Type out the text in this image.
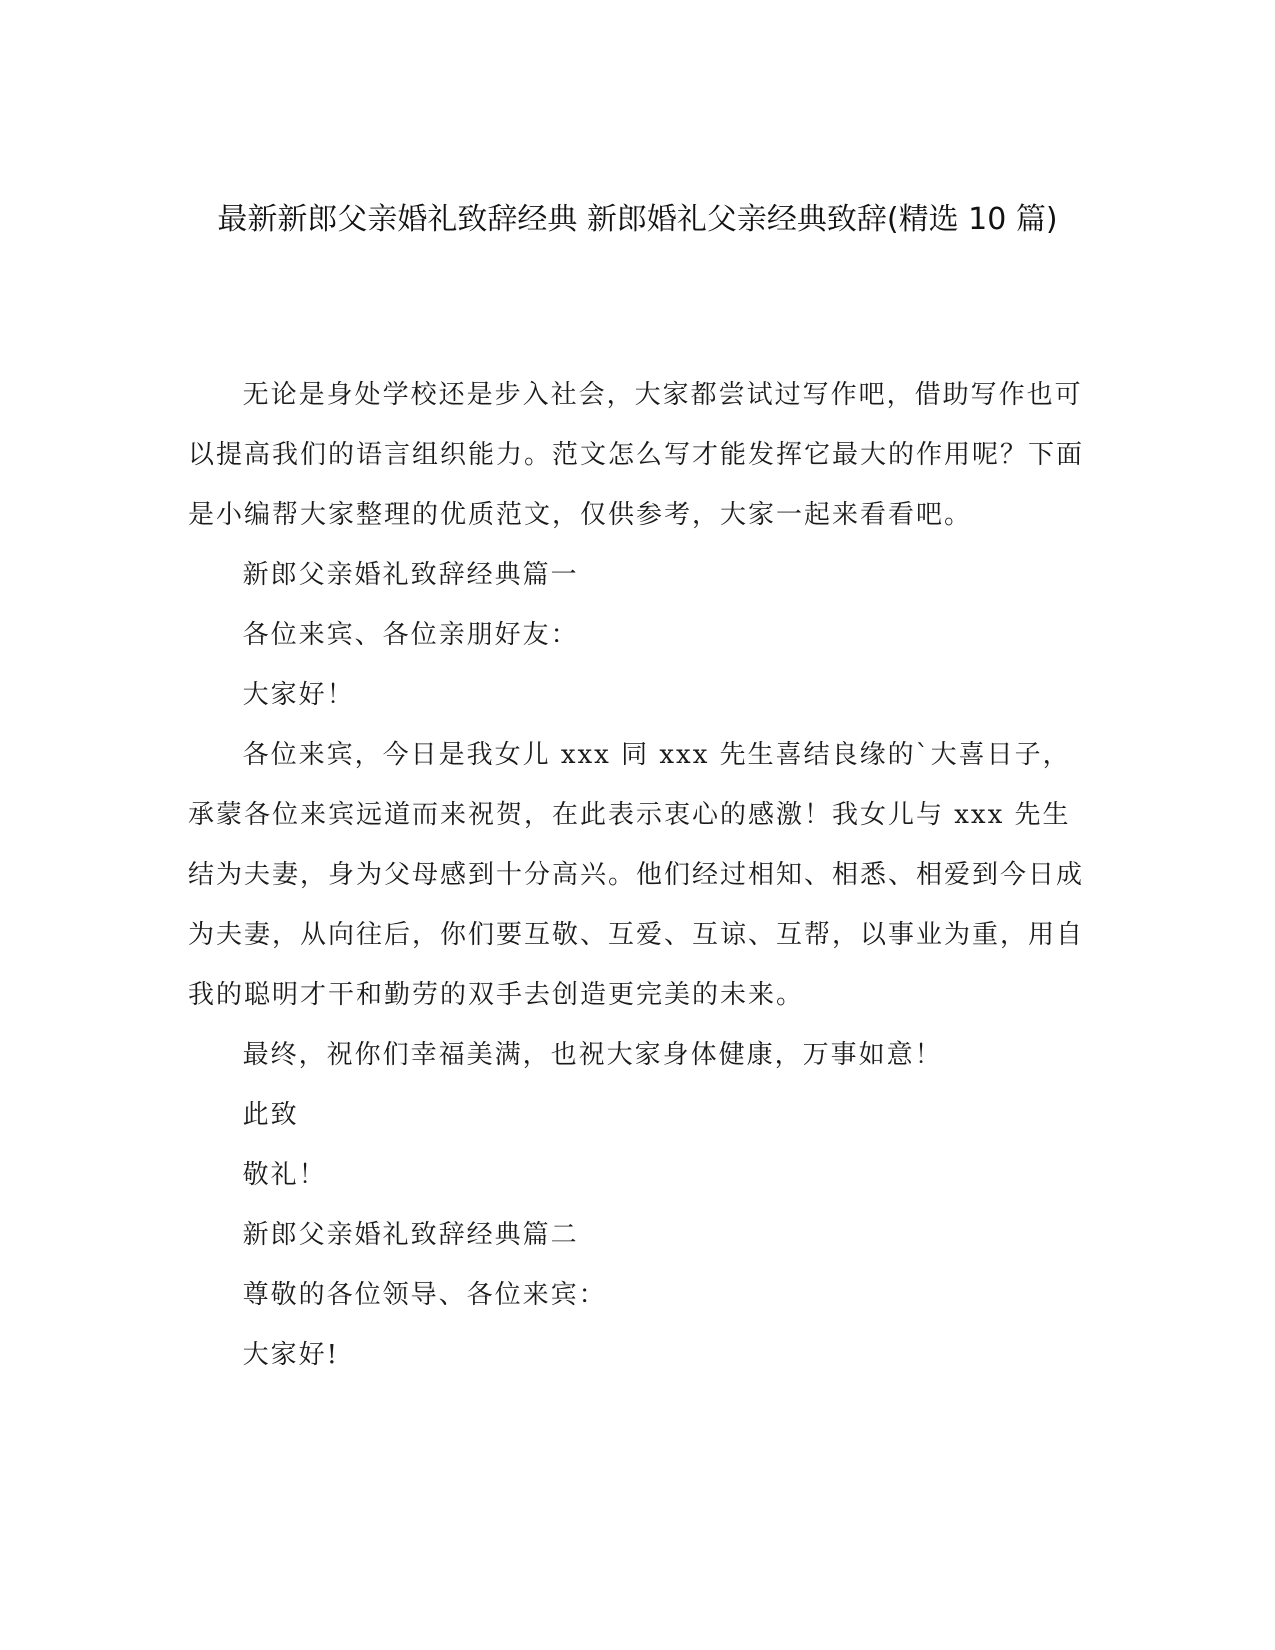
最新新郎父亲婚礼致辞经典 新郎婚礼父亲经典致辞(精选 10 篇)

无论是身处学校还是步入社会，大家都尝试过写作吧，借助写作也可以提高我们的语言组织能力。范文怎么写才能发挥它最大的作用呢？下面是小编帮大家整理的优质范文，仅供参考，大家一起来看看吧。

新郎父亲婚礼致辞经典篇一

各位来宾、各位亲朋好友：

大家好！

各位来宾，今日是我女儿 xxx 同 xxx 先生喜结良缘的`大喜日子，承蒙各位来宾远道而来祝贺，在此表示衷心的感激！我女儿与 xxx 先生结为夫妻，身为父母感到十分高兴。他们经过相知、相悉、相爱到今日成为夫妻，从向往后，你们要互敬、互爱、互谅、互帮，以事业为重，用自我的聪明才干和勤劳的双手去创造更完美的未来。

最终，祝你们幸福美满，也祝大家身体健康，万事如意！

此致

敬礼！

新郎父亲婚礼致辞经典篇二

尊敬的各位领导、各位来宾：

大家好!
